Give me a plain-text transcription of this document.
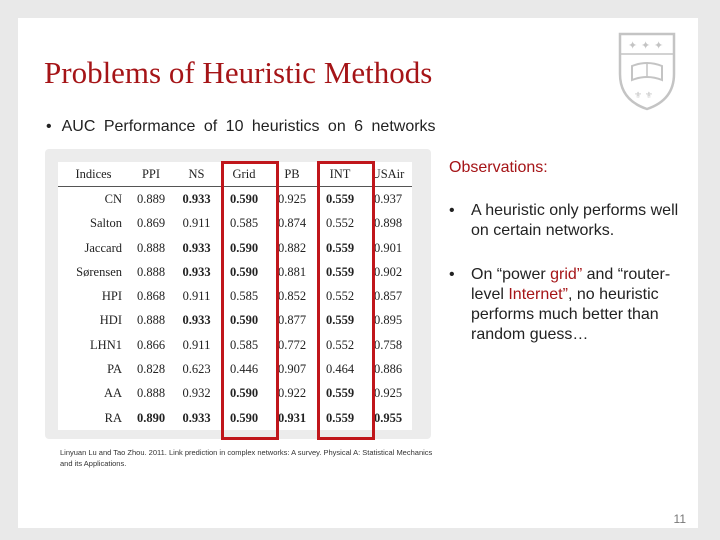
Problems of Heuristic Methods
✦ ✦ ✦
⚜ ⚜
• AUC Performance of 10 heuristics on 6 networks
Indices	PPI	NS	Grid	PB	INT	USAir
CN	0.889	0.933	0.590	0.925	0.559	0.937
Salton	0.869	0.911	0.585	0.874	0.552	0.898
Jaccard	0.888	0.933	0.590	0.882	0.559	0.901
Sørensen	0.888	0.933	0.590	0.881	0.559	0.902
HPI	0.868	0.911	0.585	0.852	0.552	0.857
HDI	0.888	0.933	0.590	0.877	0.559	0.895
LHN1	0.866	0.911	0.585	0.772	0.552	0.758
PA	0.828	0.623	0.446	0.907	0.464	0.886
AA	0.888	0.932	0.590	0.922	0.559	0.925
RA	0.890	0.933	0.590	0.931	0.559	0.955
Linyuan Lu and Tao Zhou. 2011. Link prediction in complex networks: A survey. Physical A: Statistical Mechanics and its Applications.
Observations:
• A heuristic only performs well on certain networks.
• On “power grid” and “router-level Internet”, no heuristic performs much better than random guess…
11
